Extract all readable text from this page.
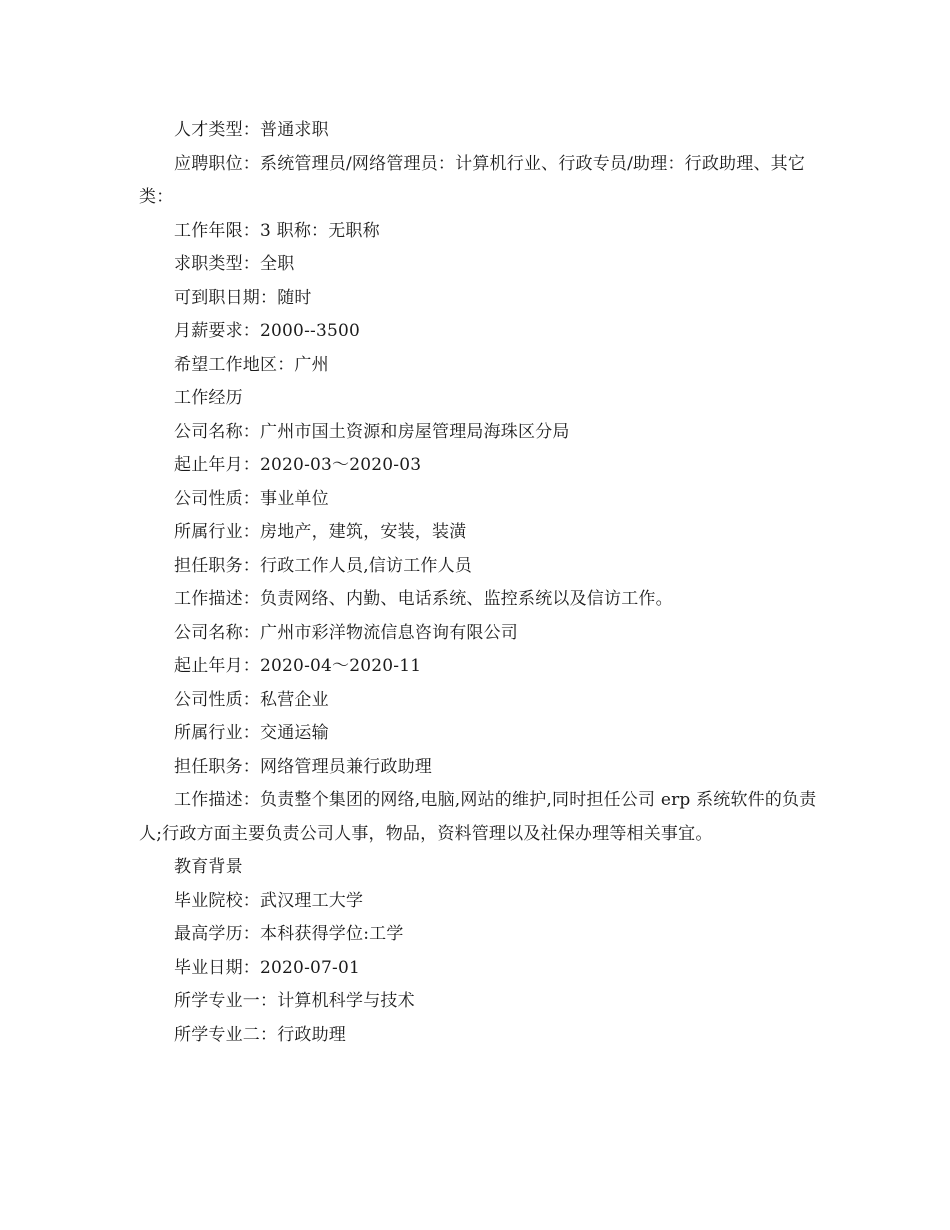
人才类型：普通求职

应聘职位：系统管理员/网络管理员：计算机行业、行政专员/助理：行政助理、其它类：

工作年限：3 职称：无职称

求职类型：全职

可到职日期：随时

月薪要求：2000--3500

希望工作地区：广州

工作经历

公司名称：广州市国土资源和房屋管理局海珠区分局

起止年月：2020-03～2020-03

公司性质：事业单位

所属行业：房地产，建筑，安装，装潢

担任职务：行政工作人员,信访工作人员

工作描述：负责网络、内勤、电话系统、监控系统以及信访工作。

公司名称：广州市彩洋物流信息咨询有限公司

起止年月：2020-04～2020-11

公司性质：私营企业

所属行业：交通运输

担任职务：网络管理员兼行政助理

工作描述：负责整个集团的网络,电脑,网站的维护,同时担任公司 erp 系统软件的负责人;行政方面主要负责公司人事，物品，资料管理以及社保办理等相关事宜。

教育背景

毕业院校：武汉理工大学

最高学历：本科获得学位:工学

毕业日期：2020-07-01

所学专业一：计算机科学与技术

所学专业二：行政助理
